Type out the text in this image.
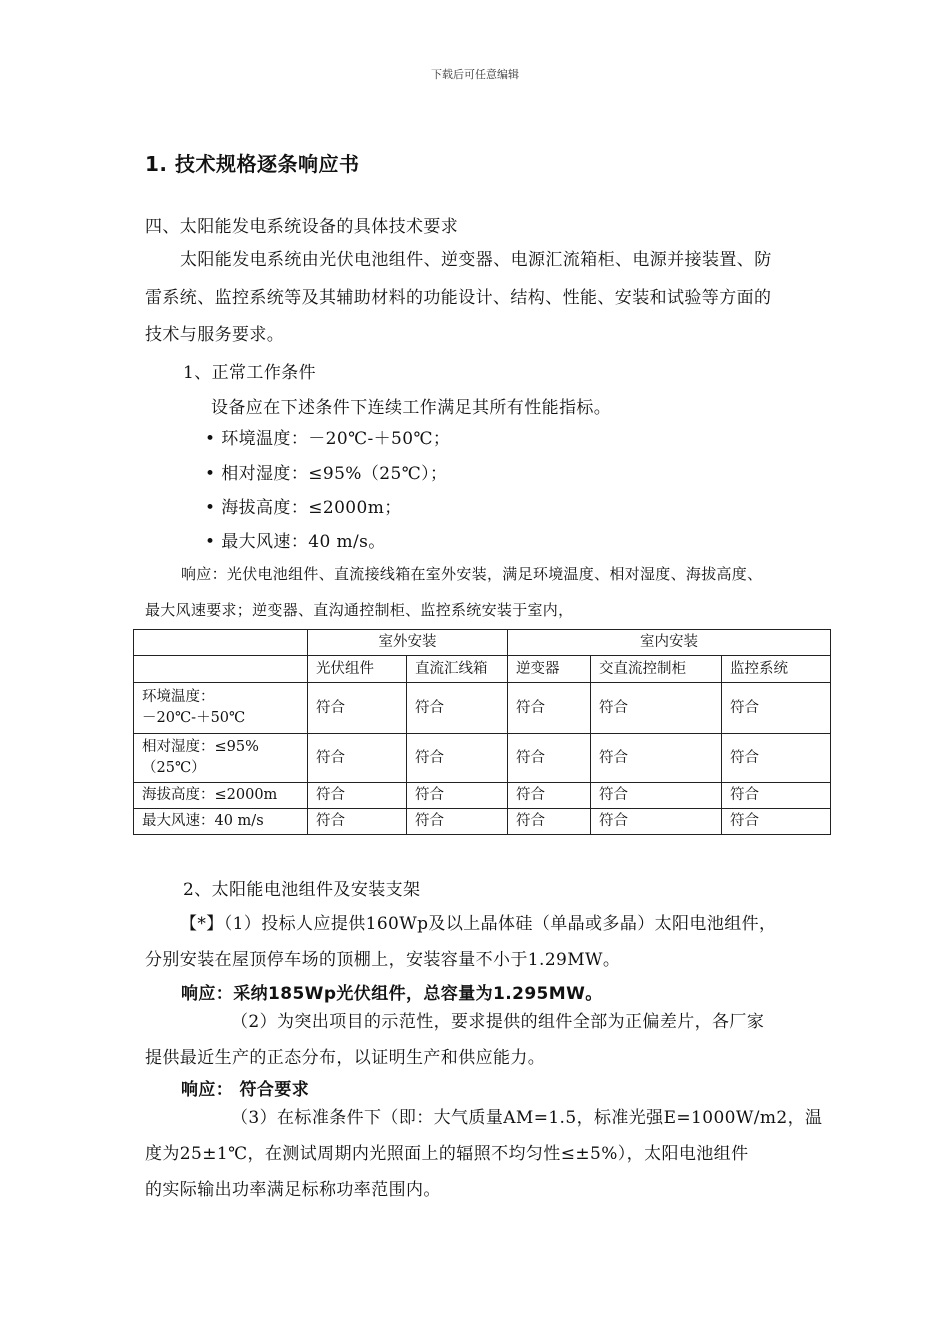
下载后可任意编辑
1. 技术规格逐条响应书
四、太阳能发电系统设备的具体技术要求
太阳能发电系统由光伏电池组件、逆变器、电源汇流箱柜、电源并接装置、防
雷系统、监控系统等及其辅助材料的功能设计、结构、性能、安装和试验等方面的
技术与服务要求。
1、正常工作条件
设备应在下述条件下连续工作满足其所有性能指标。
• 环境温度：－20℃-＋50℃；
• 相对湿度：≤95%（25℃）；
• 海拔高度：≤2000m；
• 最大风速：40 m/s。
响应：光伏电池组件、直流接线箱在室外安装，满足环境温度、相对湿度、海拔高度、
最大风速要求；逆变器、直沟通控制柜、监控系统安装于室内，
	室外安装		室内安装		
	光伏组件	直流汇线箱	逆变器	交直流控制柜	监控系统
环境温度：
－20℃-＋50℃	符合	符合	符合	符合	符合
相对湿度：≤95%
（25℃）	符合	符合	符合	符合	符合
海拔高度：≤2000m	符合	符合	符合	符合	符合
最大风速：40 m/s	符合	符合	符合	符合	符合
2、太阳能电池组件及安装支架
【*】（1）投标人应提供160Wp及以上晶体硅（单晶或多晶）太阳电池组件，
分别安装在屋顶停车场的顶棚上，安装容量不小于1.29MW。
响应：采纳185Wp光伏组件，总容量为1.295MW。
（2）为突出项目的示范性，要求提供的组件全部为正偏差片，各厂家
提供最近生产的正态分布，以证明生产和供应能力。
响应： 符合要求
（3）在标准条件下（即：大气质量AM=1.5，标准光强E=1000W/m2，温
度为25±1℃，在测试周期内光照面上的辐照不均匀性≤±5%），太阳电池组件
的实际输出功率满足标称功率范围内。
